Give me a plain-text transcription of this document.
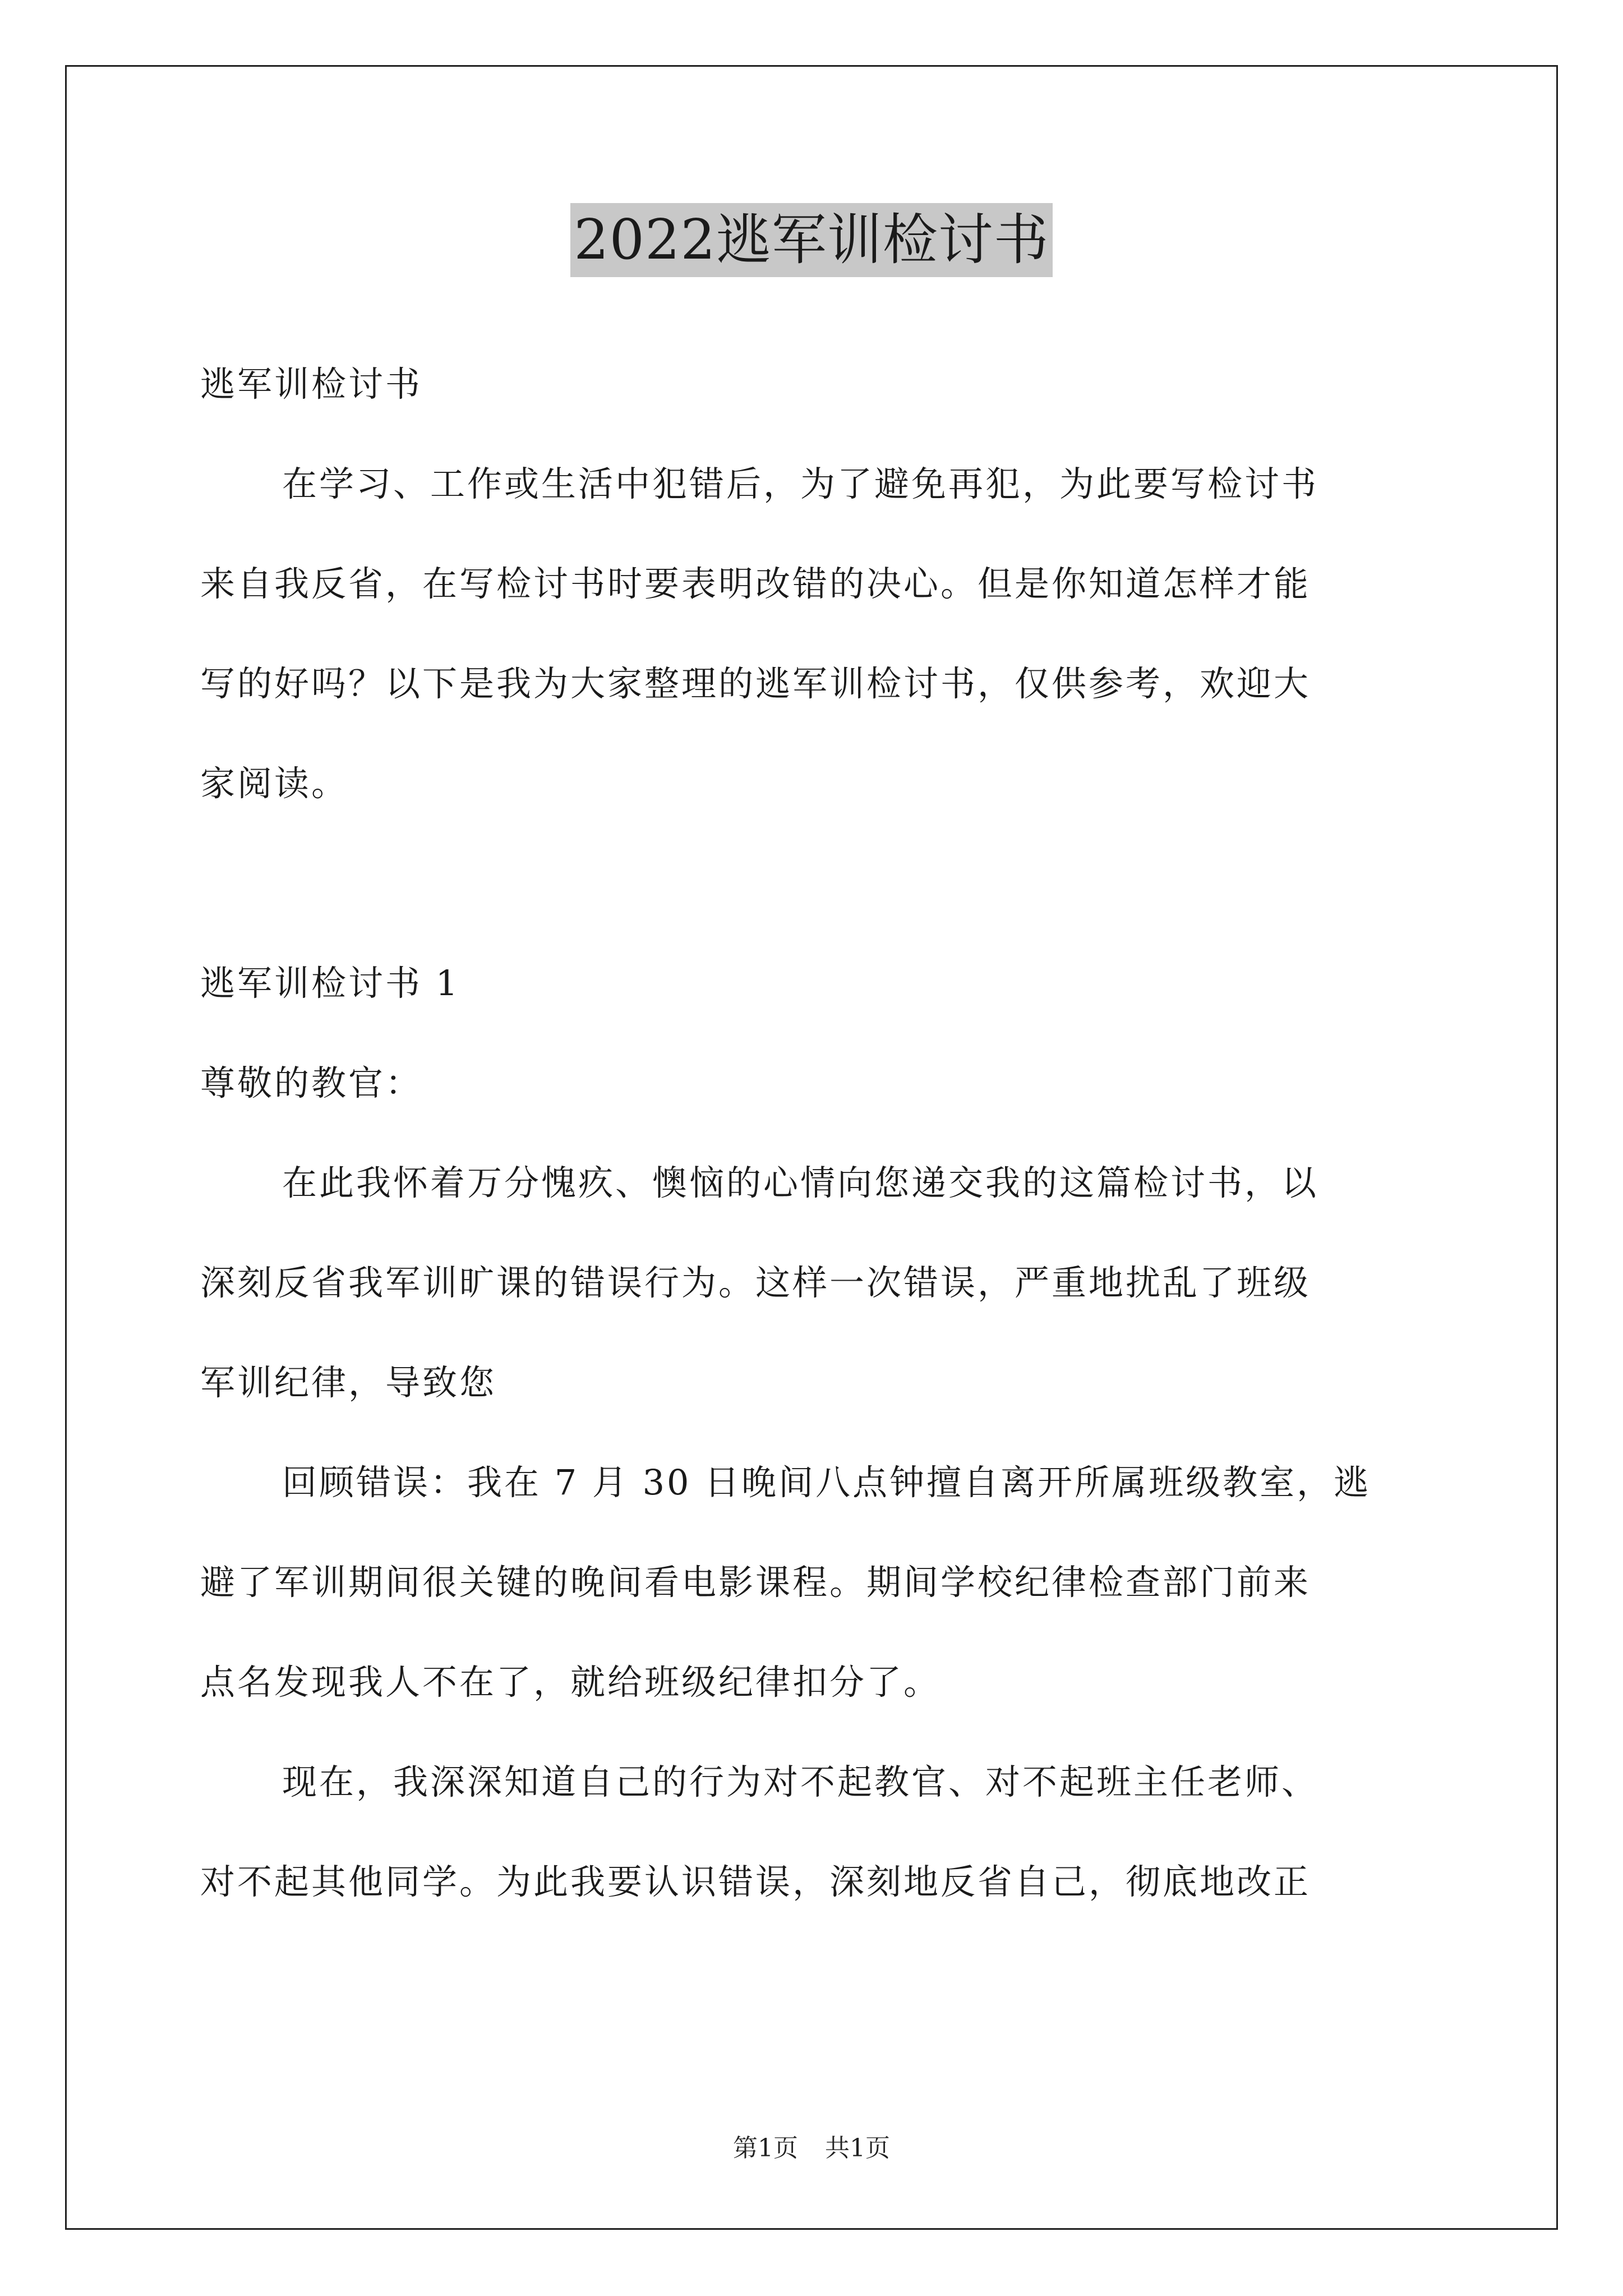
2022逃军训检讨书
逃军训检讨书
在学习、工作或生活中犯错后，为了避免再犯，为此要写检讨书
来自我反省，在写检讨书时要表明改错的决心。但是你知道怎样才能
写的好吗？以下是我为大家整理的逃军训检讨书，仅供参考，欢迎大
家阅读。
逃军训检讨书 1
尊敬的教官：
在此我怀着万分愧疚、懊恼的心情向您递交我的这篇检讨书，以
深刻反省我军训旷课的错误行为。这样一次错误，严重地扰乱了班级
军训纪律，导致您
回顾错误：我在 7 月 30 日晚间八点钟擅自离开所属班级教室，逃
避了军训期间很关键的晚间看电影课程。期间学校纪律检查部门前来
点名发现我人不在了，就给班级纪律扣分了。
现在，我深深知道自己的行为对不起教官、对不起班主任老师、
对不起其他同学。为此我要认识错误，深刻地反省自己，彻底地改正
第1页 共1页
